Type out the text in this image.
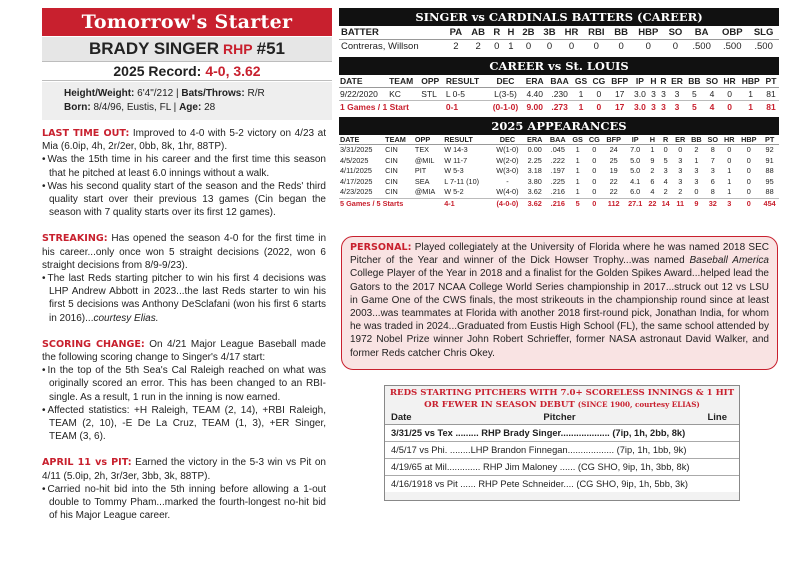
Tomorrow's Starter
BRADY SINGER RHP #51
2025 Record: 4-0, 3.62
Height/Weight: 6'4"/212 | Bats/Throws: R/R
Born: 8/4/96, Eustis, FL | Age: 28

LAST TIME OUT: Improved to 4-0 with 5-2 victory on 4/23 at Mia (6.0ip, 4h, 2r/2er, 0bb, 8k, 1hr, 88TP).

• Was the 15th time in his career and the first time this season that he pitched at least 6.0 innings without a walk.
• Was his second quality start of the season and the Reds' third quality start over their previous 13 games (Cin began the season with 7 quality starts over its first 12 games).

STREAKING: Has opened the season 4-0 for the first time in his career...only once won 5 straight decisions (2022, won 6 straight decisions from 8/9-9/23).

• The last Reds starting pitcher to win his first 4 decisions was LHP Andrew Abbott in 2023...the last Reds starter to win his first 5 decisions was Anthony DeSclafani (won his first 6 starts in 2016)...courtesy Elias.

SCORING CHANGE: On 4/21 Major League Baseball made the following scoring change to Singer's 4/17 start:

• In the top of the 5th Sea's Cal Raleigh reached on what was originally scored an error. This has been changed to an RBI-single. As a result, 1 run in the inning is now earned.
• Affected statistics: +H Raleigh, TEAM (2, 14), +RBI Raleigh, TEAM (2, 10), -E De La Cruz, TEAM (1, 3), +ER Singer, TEAM (3, 6).

APRIL 11 vs PIT: Earned the victory in the 5-3 win vs Pit on 4/11 (5.0ip, 2h, 3r/3er, 3bb, 3k, 88TP).

• Carried no-hit bid into the 5th inning before allowing a 1-out double to Tommy Pham...marked the fourth-longest no-hit bid of his Major League career.
SINGER vs CARDINALS BATTERS (CAREER)
BATTER	PA	AB	R	H	2B	3B	HR	RBI	BB	HBP	SO	BA	OBP	SLG
Contreras, Willson	2	2	0	1	0	0	0	0	0	0	0	.500	.500	.500
CAREER vs St. LOUIS
DATE	TEAM	OPP	RESULT	DEC	ERA	BAA	GS	CG	BFP	IP	H	R	ER	BB	SO	HR	HBP	PT
9/22/2020	KC	STL	L 0-5	L(3-5)	4.40	.230	1	0	17	3.0	3	3	3	5	4	0	1	81
1 Games / 1 Start			0-1	(0-1-0)	9.00	.273	1	0	17	3.0	3	3	3	5	4	0	1	81
2025 APPEARANCES
DATE	TEAM	OPP	RESULT	DEC	ERA	BAA	GS	CG	BFP	IP	H	R	ER	BB	SO	HR	HBP	PT
3/31/2025	CIN	TEX	W 14-3	W(1-0)	0.00	.045	1	0	24	7.0	1	0	0	2	8	0	0	92
4/5/2025	CIN	@MIL	W 11-7	W(2-0)	2.25	.222	1	0	25	5.0	9	5	3	1	7	0	0	91
4/11/2025	CIN	PIT	W 5-3	W(3-0)	3.18	.197	1	0	19	5.0	2	3	3	3	3	1	0	88
4/17/2025	CIN	SEA	L 7-11 (10)	-	3.80	.225	1	0	22	4.1	6	4	3	3	6	1	0	95
4/23/2025	CIN	@MIA	W 5-2	W(4-0)	3.62	.216	1	0	22	6.0	4	2	2	0	8	1	0	88
5 Games / 5 Starts			4-1	(4-0-0)	3.62	.216	5	0	112	27.1	22	14	11	9	32	3	0	454
PERSONAL: Played collegiately at the University of Florida where he was named 2018 SEC Pitcher of the Year and winner of the Dick Howser Trophy...was named Baseball America College Player of the Year in 2018 and a finalist for the Golden Spikes Award...helped lead the Gators to the 2017 NCAA College World Series championship in 2017...struck out 12 vs LSU in Game One of the CWS finals, the most strikeouts in the championship round since at least 2003...was teammates at Florida with another 2018 first-round pick, Jonathan India, for whom he was traded in 2024...Graduated from Eustis High School (FL), the same school attended by 1972 Nobel Prize winner John Robert Schrieffer, former NASA astronaut David Walker, and former Reds catcher Chris Okey.
REDS STARTING PITCHERS WITH 7.0+ SCORELESS INNINGS & 1 HIT OR FEWER IN SEASON DEBUT (SINCE 1900, courtesy ELIAS)
Date	Pitcher	Line
3/31/25 vs Tex ......... RHP Brady Singer................... (7ip, 1h, 2bb, 8k)
4/5/17 vs Phi. ........LHP Brandon Finnegan.................. (7ip, 1h, 1bb, 9k)
4/19/65 at Mil............. RHP Jim Maloney ...... (CG SHO, 9ip, 1h, 3bb, 8k)
4/16/1918 vs Pit ...... RHP Pete Schneider.... (CG SHO, 9ip, 1h, 5bb, 3k)
